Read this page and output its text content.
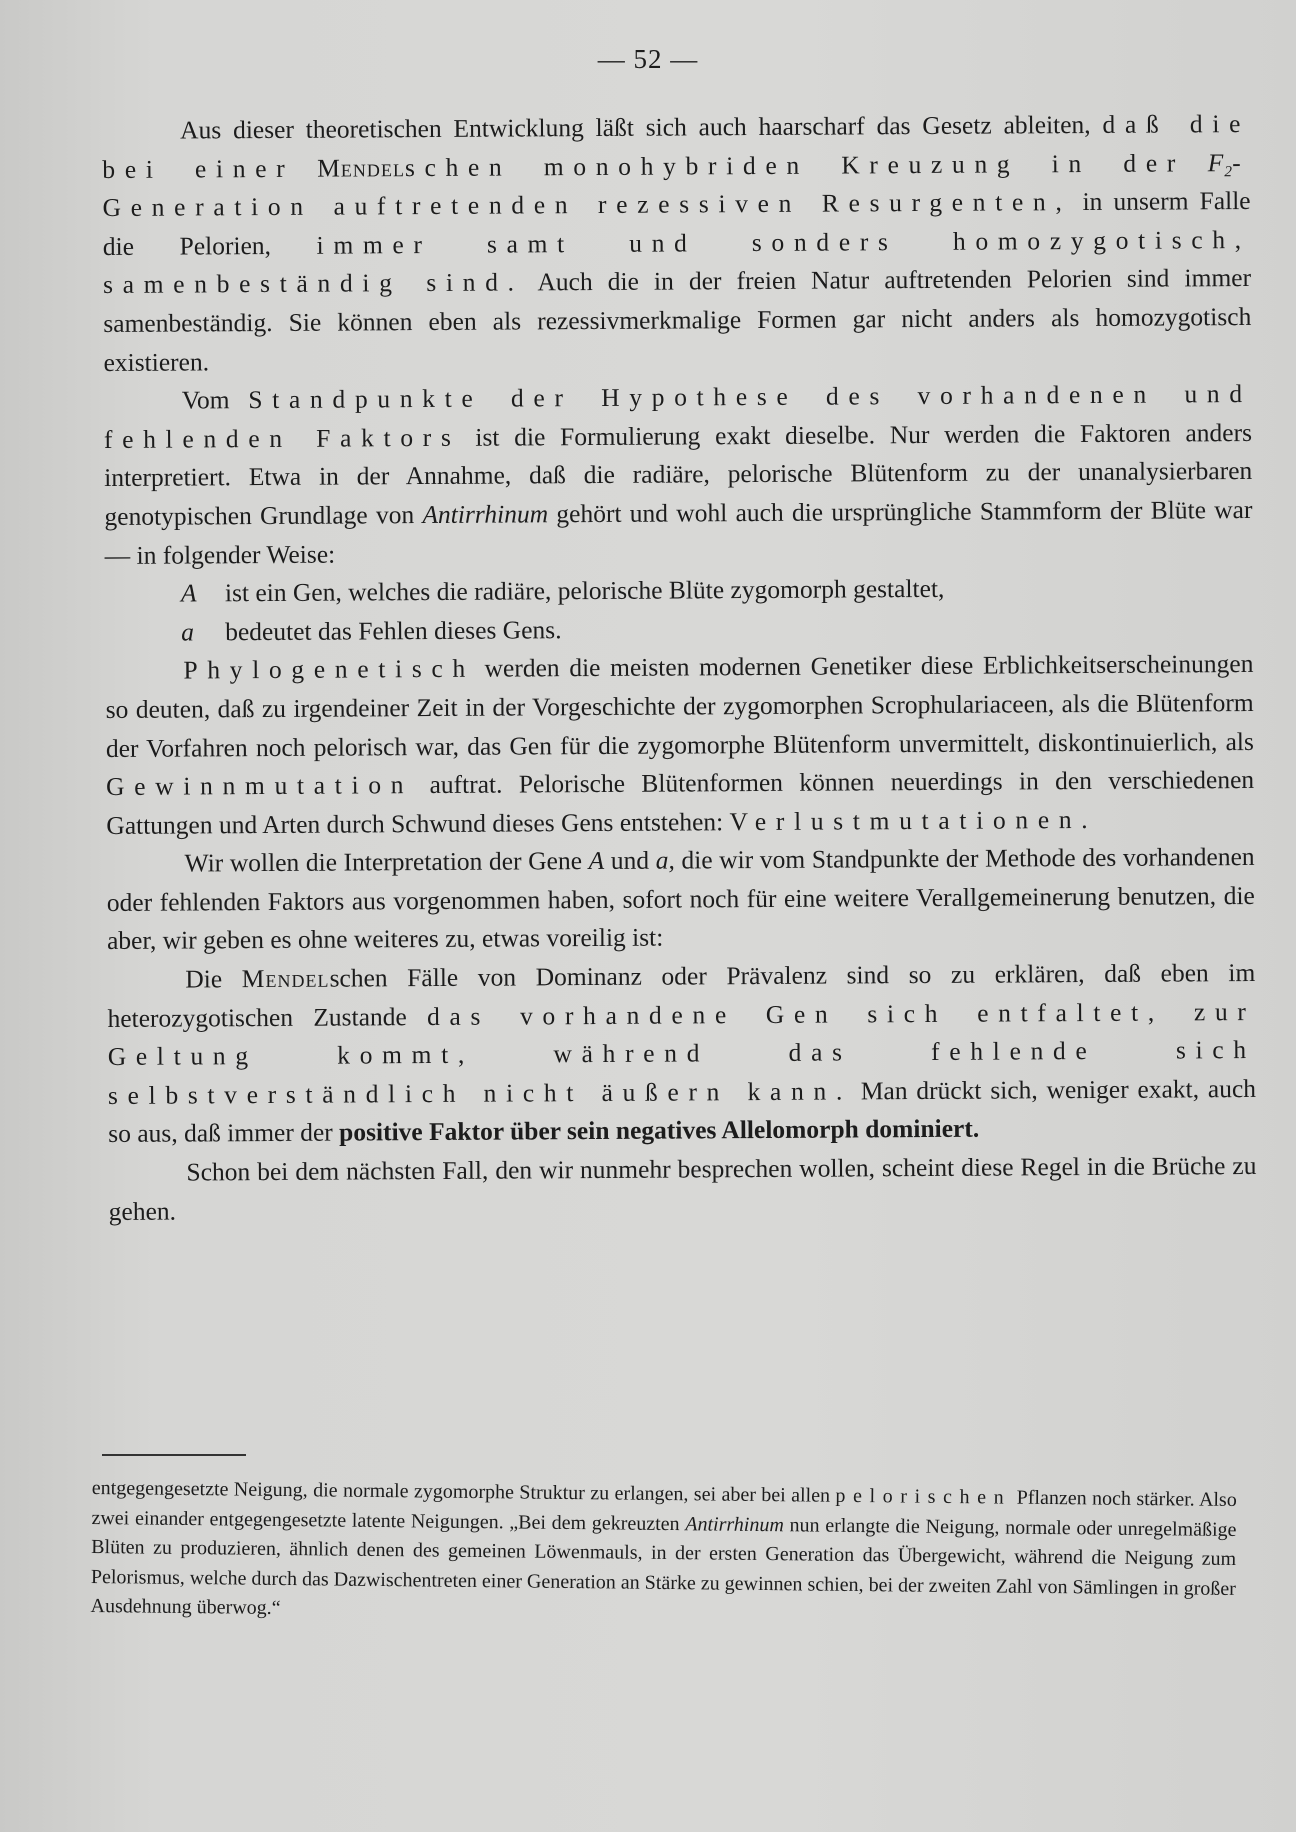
— 52 —

Aus dieser theoretischen Entwicklung läßt sich auch haarscharf das Gesetz ableiten, daß die bei einer Mendelschen monohybriden Kreuzung in der F₂-Generation auftretenden rezessiven Resurgenten, in unserm Falle die Pelorien, immer samt und sonders homozygotisch, samenbeständig sind. Auch die in der freien Natur auftretenden Pelorien sind immer samenbeständig. Sie können eben als rezessivmerkmalige Formen gar nicht anders als homozygotisch existieren.

Vom Standpunkte der Hypothese des vorhandenen und fehlenden Faktors ist die Formulierung exakt dieselbe. Nur werden die Faktoren anders interpretiert. Etwa in der Annahme, daß die radiäre, pelorische Blütenform zu der unanalysierbaren genotypischen Grundlage von Antirrhinum gehört und wohl auch die ursprüngliche Stammform der Blüte war — in folgender Weise:

A ist ein Gen, welches die radiäre, pelorische Blüte zygomorph gestaltet,

a bedeutet das Fehlen dieses Gens.

Phylogenetisch werden die meisten modernen Genetiker diese Erblichkeitserscheinungen so deuten, daß zu irgendeiner Zeit in der Vorgeschichte der zygomorphen Scrophulariaceen, als die Blütenform der Vorfahren noch pelorisch war, das Gen für die zygomorphe Blütenform unvermittelt, diskontinuierlich, als Gewinnmutation auftrat. Pelorische Blütenformen können neuerdings in den verschiedenen Gattungen und Arten durch Schwund dieses Gens entstehen: Verlustmutationen.

Wir wollen die Interpretation der Gene A und a, die wir vom Standpunkte der Methode des vorhandenen oder fehlenden Faktors aus vorgenommen haben, sofort noch für eine weitere Verallgemeinerung benutzen, die aber, wir geben es ohne weiteres zu, etwas voreilig ist:

Die Mendelschen Fälle von Dominanz oder Prävalenz sind so zu erklären, daß eben im heterozygotischen Zustande das vorhandene Gen sich entfaltet, zur Geltung kommt, während das fehlende sich selbstverständlich nicht äußern kann. Man drückt sich, weniger exakt, auch so aus, daß immer der positive Faktor über sein negatives Allelomorph dominiert.

Schon bei dem nächsten Fall, den wir nunmehr besprechen wollen, scheint diese Regel in die Brüche zu gehen.

entgegengesetzte Neigung, die normale zygomorphe Struktur zu erlangen, sei aber bei allen pelorischen Pflanzen noch stärker. Also zwei einander entgegengesetzte latente Neigungen. „Bei dem gekreuzten Antirrhinum nun erlangte die Neigung, normale oder unregelmäßige Blüten zu produzieren, ähnlich denen des gemeinen Löwenmauls, in der ersten Generation das Übergewicht, während die Neigung zum Pelorismus, welche durch das Dazwischentreten einer Generation an Stärke zu gewinnen schien, bei der zweiten Zahl von Sämlingen in großer Ausdehnung überwog.“
